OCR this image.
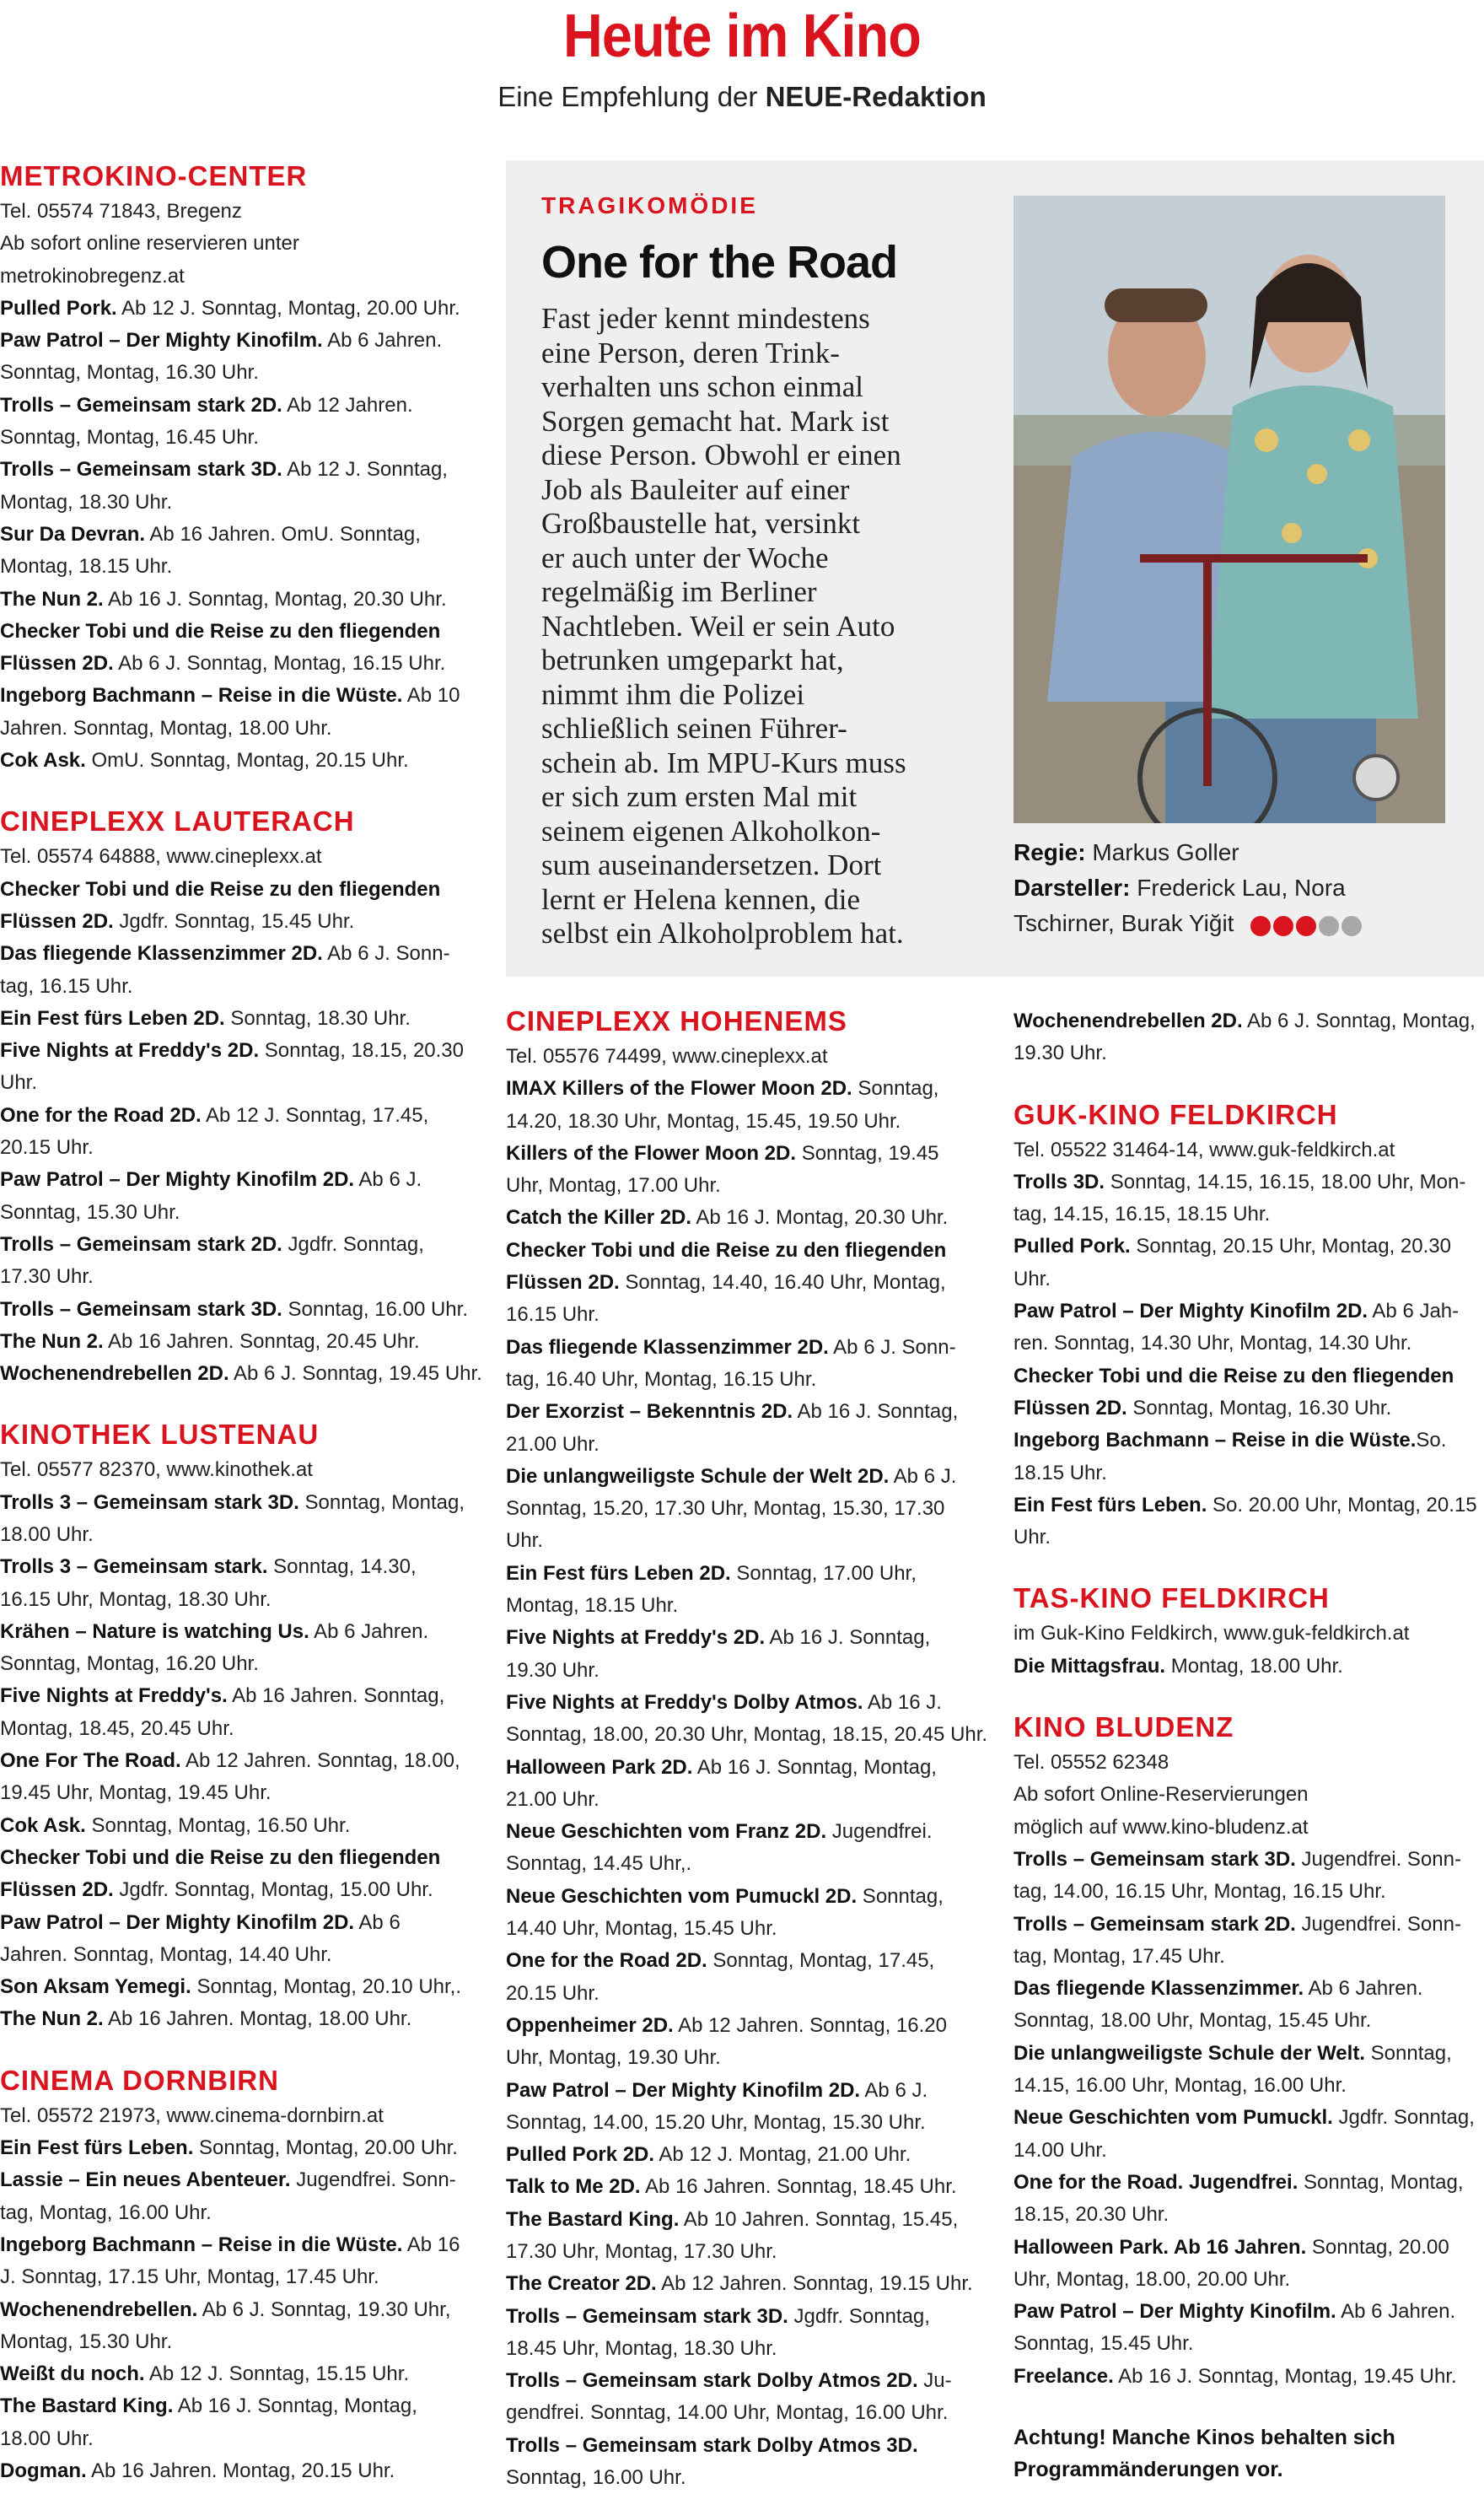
Heute im Kino
Eine Empfehlung der NEUE-Redaktion
METROKINO-CENTER
Tel. 05574 71843, Bregenz
Ab sofort online reservieren unter
metrokinobregenz.at
Pulled Pork. Ab 12 J. Sonntag, Montag, 20.00 Uhr.
Paw Patrol – Der Mighty Kinofilm. Ab 6 Jahren.
Sonntag, Montag, 16.30 Uhr.
Trolls – Gemeinsam stark 2D. Ab 12 Jahren.
Sonntag, Montag, 16.45 Uhr.
Trolls – Gemeinsam stark 3D. Ab 12 J. Sonntag,
Montag, 18.30 Uhr.
Sur Da Devran. Ab 16 Jahren. OmU. Sonntag,
Montag, 18.15 Uhr.
The Nun 2. Ab 16 J. Sonntag, Montag, 20.30 Uhr.
Checker Tobi und die Reise zu den fliegenden
Flüssen 2D. Ab 6 J. Sonntag, Montag, 16.15 Uhr.
Ingeborg Bachmann – Reise in die Wüste. Ab 10
Jahren. Sonntag, Montag, 18.00 Uhr.
Cok Ask. OmU. Sonntag, Montag, 20.15 Uhr.
CINEPLEXX LAUTERACH
Tel. 05574 64888, www.cineplexx.at
Checker Tobi und die Reise zu den fliegenden
Flüssen 2D. Jgdfr. Sonntag, 15.45 Uhr.
Das fliegende Klassenzimmer 2D. Ab 6 J. Sonn-
tag, 16.15 Uhr.
Ein Fest fürs Leben 2D. Sonntag, 18.30 Uhr.
Five Nights at Freddy's 2D. Sonntag, 18.15, 20.30
Uhr.
One for the Road 2D. Ab 12 J. Sonntag, 17.45,
20.15 Uhr.
Paw Patrol – Der Mighty Kinofilm 2D. Ab 6 J.
Sonntag, 15.30 Uhr.
Trolls – Gemeinsam stark 2D. Jgdfr. Sonntag,
17.30 Uhr.
Trolls – Gemeinsam stark 3D. Sonntag, 16.00 Uhr.
The Nun 2. Ab 16 Jahren. Sonntag, 20.45 Uhr.
Wochenendrebellen 2D. Ab 6 J. Sonntag, 19.45 Uhr.
KINOTHEK LUSTENAU
Tel. 05577 82370, www.kinothek.at
Trolls 3 – Gemeinsam stark 3D. Sonntag, Montag,
18.00 Uhr.
Trolls 3 – Gemeinsam stark. Sonntag, 14.30,
16.15 Uhr, Montag, 18.30 Uhr.
Krähen – Nature is watching Us. Ab 6 Jahren.
Sonntag, Montag, 16.20 Uhr.
Five Nights at Freddy's. Ab 16 Jahren. Sonntag,
Montag, 18.45, 20.45 Uhr.
One For The Road. Ab 12 Jahren. Sonntag, 18.00,
19.45 Uhr, Montag, 19.45 Uhr.
Cok Ask. Sonntag, Montag, 16.50 Uhr.
Checker Tobi und die Reise zu den fliegenden
Flüssen 2D. Jgdfr. Sonntag, Montag, 15.00 Uhr.
Paw Patrol – Der Mighty Kinofilm 2D. Ab 6
Jahren. Sonntag, Montag, 14.40 Uhr.
Son Aksam Yemegi. Sonntag, Montag, 20.10 Uhr,.
The Nun 2. Ab 16 Jahren. Montag, 18.00 Uhr.
CINEMA DORNBIRN
Tel. 05572 21973, www.cinema-dornbirn.at
Ein Fest fürs Leben. Sonntag, Montag, 20.00 Uhr.
Lassie – Ein neues Abenteuer. Jugendfrei. Sonn-
tag, Montag, 16.00 Uhr.
Ingeborg Bachmann – Reise in die Wüste. Ab 16
J. Sonntag, 17.15 Uhr, Montag, 17.45 Uhr.
Wochenendrebellen. Ab 6 J. Sonntag, 19.30 Uhr,
Montag, 15.30 Uhr.
Weißt du noch. Ab 12 J. Sonntag, 15.15 Uhr.
The Bastard King. Ab 16 J. Sonntag, Montag,
18.00 Uhr.
Dogman. Ab 16 Jahren. Montag, 20.15 Uhr.
TRAGIKOMÖDIE
One for the Road
Fast jeder kennt mindestens
eine Person, deren Trink-
verhalten uns schon einmal
Sorgen gemacht hat. Mark ist
diese Person. Obwohl er einen
Job als Bauleiter auf einer
Großbaustelle hat, versinkt
er auch unter der Woche
regelmäßig im Berliner
Nachtleben. Weil er sein Auto
betrunken umgeparkt hat,
nimmt ihm die Polizei
schließlich seinen Führer-
schein ab. Im MPU-Kurs muss
er sich zum ersten Mal mit
seinem eigenen Alkoholkon-
sum auseinandersetzen. Dort
lernt er Helena kennen, die
selbst ein Alkoholproblem hat.
Regie: Markus Goller
Darsteller: Frederick Lau, Nora
Tschirner, Burak Yiğit
CINEPLEXX HOHENEMS
Tel. 05576 74499, www.cineplexx.at
IMAX Killers of the Flower Moon 2D. Sonntag,
14.20, 18.30 Uhr, Montag, 15.45, 19.50 Uhr.
Killers of the Flower Moon 2D. Sonntag, 19.45
Uhr, Montag, 17.00 Uhr.
Catch the Killer 2D. Ab 16 J. Montag, 20.30 Uhr.
Checker Tobi und die Reise zu den fliegenden
Flüssen 2D. Sonntag, 14.40, 16.40 Uhr, Montag,
16.15 Uhr.
Das fliegende Klassenzimmer 2D. Ab 6 J. Sonn-
tag, 16.40 Uhr, Montag, 16.15 Uhr.
Der Exorzist – Bekenntnis 2D. Ab 16 J. Sonntag,
21.00 Uhr.
Die unlangweiligste Schule der Welt 2D. Ab 6 J.
Sonntag, 15.20, 17.30 Uhr, Montag, 15.30, 17.30
Uhr.
Ein Fest fürs Leben 2D. Sonntag, 17.00 Uhr,
Montag, 18.15 Uhr.
Five Nights at Freddy's 2D. Ab 16 J. Sonntag,
19.30 Uhr.
Five Nights at Freddy's Dolby Atmos. Ab 16 J.
Sonntag, 18.00, 20.30 Uhr, Montag, 18.15, 20.45 Uhr.
Halloween Park 2D. Ab 16 J. Sonntag, Montag,
21.00 Uhr.
Neue Geschichten vom Franz 2D. Jugendfrei.
Sonntag, 14.45 Uhr,.
Neue Geschichten vom Pumuckl 2D. Sonntag,
14.40 Uhr, Montag, 15.45 Uhr.
One for the Road 2D. Sonntag, Montag, 17.45,
20.15 Uhr.
Oppenheimer 2D. Ab 12 Jahren. Sonntag, 16.20
Uhr, Montag, 19.30 Uhr.
Paw Patrol – Der Mighty Kinofilm 2D. Ab 6 J.
Sonntag, 14.00, 15.20 Uhr, Montag, 15.30 Uhr.
Pulled Pork 2D. Ab 12 J. Montag, 21.00 Uhr.
Talk to Me 2D. Ab 16 Jahren. Sonntag, 18.45 Uhr.
The Bastard King. Ab 10 Jahren. Sonntag, 15.45,
17.30 Uhr, Montag, 17.30 Uhr.
The Creator 2D. Ab 12 Jahren. Sonntag, 19.15 Uhr.
Trolls – Gemeinsam stark 3D. Jgdfr. Sonntag,
18.45 Uhr, Montag, 18.30 Uhr.
Trolls – Gemeinsam stark Dolby Atmos 2D. Ju-
gendfrei. Sonntag, 14.00 Uhr, Montag, 16.00 Uhr.
Trolls – Gemeinsam stark Dolby Atmos 3D.
Sonntag, 16.00 Uhr.
Wochenendrebellen 2D. Ab 6 J. Sonntag, Montag,
19.30 Uhr.
GUK-KINO FELDKIRCH
Tel. 05522 31464-14, www.guk-feldkirch.at
Trolls 3D. Sonntag, 14.15, 16.15, 18.00 Uhr, Mon-
tag, 14.15, 16.15, 18.15 Uhr.
Pulled Pork. Sonntag, 20.15 Uhr, Montag, 20.30
Uhr.
Paw Patrol – Der Mighty Kinofilm 2D. Ab 6 Jah-
ren. Sonntag, 14.30 Uhr, Montag, 14.30 Uhr.
Checker Tobi und die Reise zu den fliegenden
Flüssen 2D. Sonntag, Montag, 16.30 Uhr.
Ingeborg Bachmann – Reise in die Wüste.So.
18.15 Uhr.
Ein Fest fürs Leben. So. 20.00 Uhr, Montag, 20.15
Uhr.
TAS-KINO FELDKIRCH
im Guk-Kino Feldkirch, www.guk-feldkirch.at
Die Mittagsfrau. Montag, 18.00 Uhr.
KINO BLUDENZ
Tel. 05552 62348
Ab sofort Online-Reservierungen
möglich auf www.kino-bludenz.at
Trolls – Gemeinsam stark 3D. Jugendfrei. Sonn-
tag, 14.00, 16.15 Uhr, Montag, 16.15 Uhr.
Trolls – Gemeinsam stark 2D. Jugendfrei. Sonn-
tag, Montag, 17.45 Uhr.
Das fliegende Klassenzimmer. Ab 6 Jahren.
Sonntag, 18.00 Uhr, Montag, 15.45 Uhr.
Die unlangweiligste Schule der Welt. Sonntag,
14.15, 16.00 Uhr, Montag, 16.00 Uhr.
Neue Geschichten vom Pumuckl. Jgdfr. Sonntag,
14.00 Uhr.
One for the Road. Jugendfrei. Sonntag, Montag,
18.15, 20.30 Uhr.
Halloween Park. Ab 16 Jahren. Sonntag, 20.00
Uhr, Montag, 18.00, 20.00 Uhr.
Paw Patrol – Der Mighty Kinofilm. Ab 6 Jahren.
Sonntag, 15.45 Uhr.
Freelance. Ab 16 J. Sonntag, Montag, 19.45 Uhr.
Achtung! Manche Kinos behalten sich
Programmänderungen vor.
